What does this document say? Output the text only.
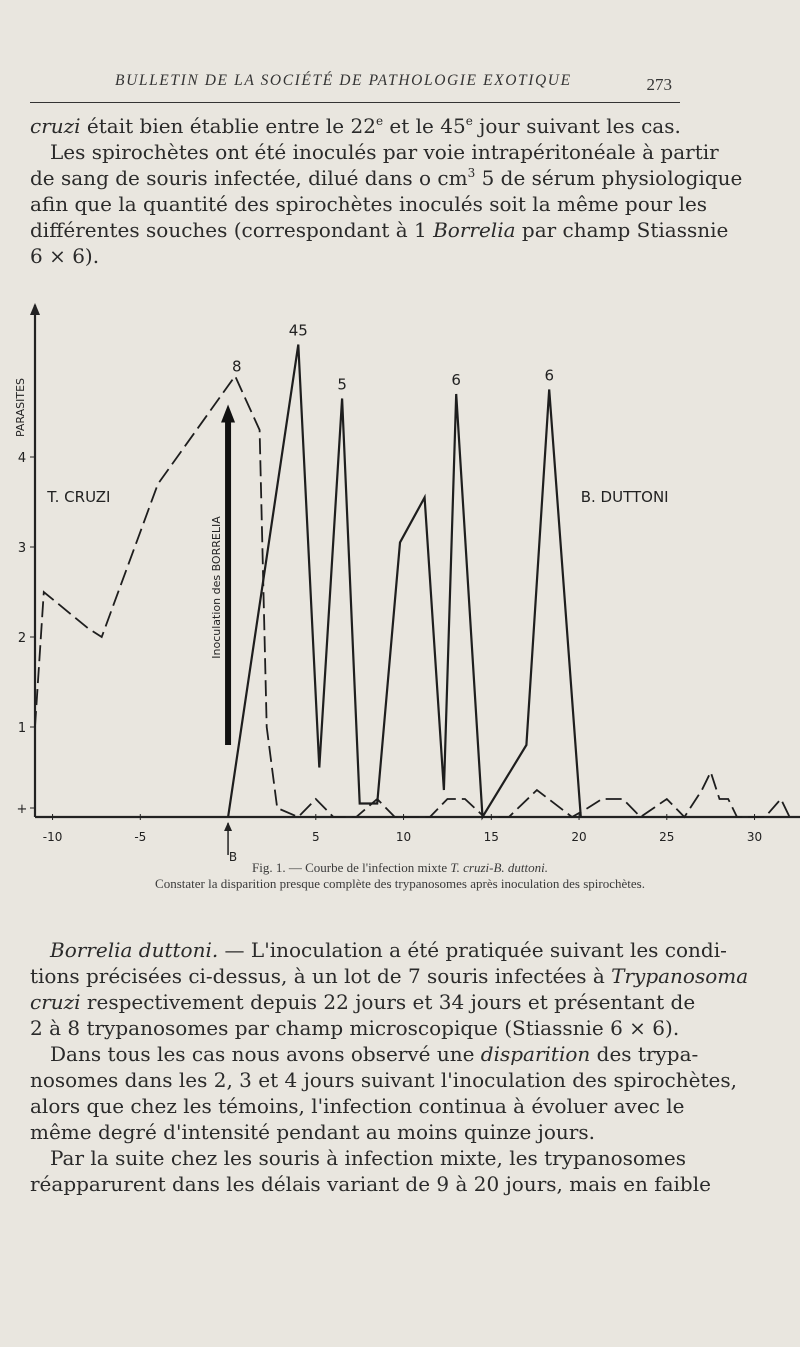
BULLETIN DE LA SOCIÉTÉ DE PATHOLOGIE EXOTIQUE	273
cruzi était bien établie entre le 22e et le 45e jour suivant les cas.
Les spirochètes ont été inoculés par voie intrapéritonéale à partir
de sang de souris infectée, dilué dans o $cm^3$ 5 de sérum physiologique
afin que la quantité des spirochètes inoculés soit la même pour les
différentes souches (correspondant à 1 Borrelia par champ Stiassnie
6 × 6).
-10	-5	5	10	15	20	25	30
+
1
2
3
4
PARASITES
Inoculation des BORRELIA
B
8
45
5	6	6
T. CRUZI	B. DUTTONI
Fig. 1. — Courbe de l'infection mixte T. cruzi-B. duttoni.
Constater la disparition presque complète des trypanosomes après inoculation des spirochètes.
Borrelia duttoni. — L'inoculation a été pratiquée suivant les condi-
tions précisées ci-dessus, à un lot de 7 souris infectées à Trypanosoma
cruzi respectivement depuis 22 jours et 34 jours et présentant de
2 à 8 trypanosomes par champ microscopique (Stiassnie 6 × 6).
Dans tous les cas nous avons observé une disparition des trypa-
nosomes dans les 2, 3 et 4 jours suivant l'inoculation des spirochètes,
alors que chez les témoins, l'infection continua à évoluer avec le
même degré d'intensité pendant au moins quinze jours.
Par la suite chez les souris à infection mixte, les trypanosomes
réapparurent dans les délais variant de 9 à 20 jours, mais en faible
